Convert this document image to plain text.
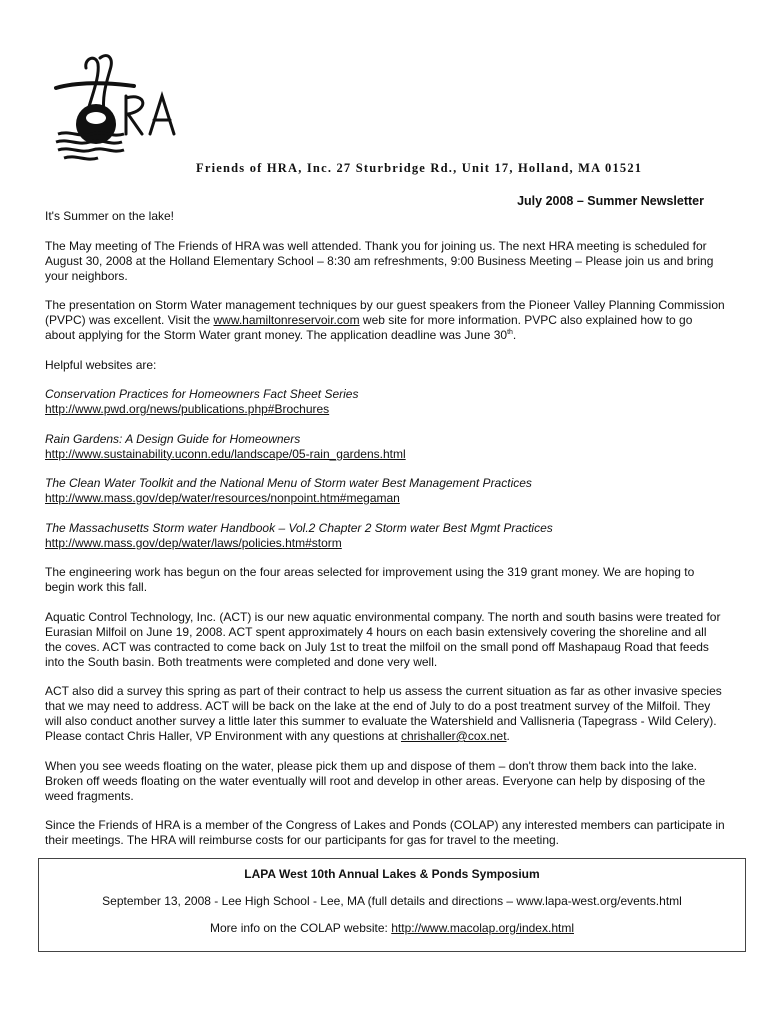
Friends of HRA, Inc. 27 Sturbridge Rd., Unit 17, Holland, MA 01521
July 2008 – Summer Newsletter

It's Summer on the lake!

The May meeting of The Friends of HRA was well attended. Thank you for joining us. The next HRA meeting is scheduled for August 30, 2008 at the Holland Elementary School – 8:30 am refreshments, 9:00 Business Meeting – Please join us and bring your neighbors.

The presentation on Storm Water management techniques by our guest speakers from the Pioneer Valley Planning Commission (PVPC) was excellent. Visit the www.hamiltonreservoir.com web site for more information. PVPC also explained how to go about applying for the Storm Water grant money. The application deadline was June 30th.

Helpful websites are:

Conservation Practices for Homeowners Fact Sheet Series
http://www.pwd.org/news/publications.php#Brochures
Rain Gardens: A Design Guide for Homeowners
http://www.sustainability.uconn.edu/landscape/05-rain_gardens.html
The Clean Water Toolkit and the National Menu of Storm water Best Management Practices
http://www.mass.gov/dep/water/resources/nonpoint.htm#megaman
The Massachusetts Storm water Handbook – Vol.2 Chapter 2 Storm water Best Mgmt Practices
http://www.mass.gov/dep/water/laws/policies.htm#storm

The engineering work has begun on the four areas selected for improvement using the 319 grant money. We are hoping to begin work this fall.

Aquatic Control Technology, Inc. (ACT) is our new aquatic environmental company. The north and south basins were treated for Eurasian Milfoil on June 19, 2008. ACT spent approximately 4 hours on each basin extensively covering the shoreline and all the coves. ACT was contracted to come back on July 1st to treat the milfoil on the small pond off Mashapaug Road that feeds into the South basin. Both treatments were completed and done very well.

ACT also did a survey this spring as part of their contract to help us assess the current situation as far as other invasive species that we may need to address. ACT will be back on the lake at the end of July to do a post treatment survey of the Milfoil. They will also conduct another survey a little later this summer to evaluate the Watershield and Vallisneria (Tapegrass - Wild Celery). Please contact Chris Haller, VP Environment with any questions at chrishaller@cox.net.

When you see weeds floating on the water, please pick them up and dispose of them – don't throw them back into the lake. Broken off weeds floating on the water eventually will root and develop in other areas. Everyone can help by disposing of the weed fragments.

Since the Friends of HRA is a member of the Congress of Lakes and Ponds (COLAP) any interested members can participate in their meetings. The HRA will reimburse costs for our participants for gas for travel to the meeting.

LAPA West 10th Annual Lakes & Ponds Symposium
September 13, 2008 - Lee High School - Lee, MA (full details and directions – www.lapa-west.org/events.html
More info on the COLAP website: http://www.macolap.org/index.html
